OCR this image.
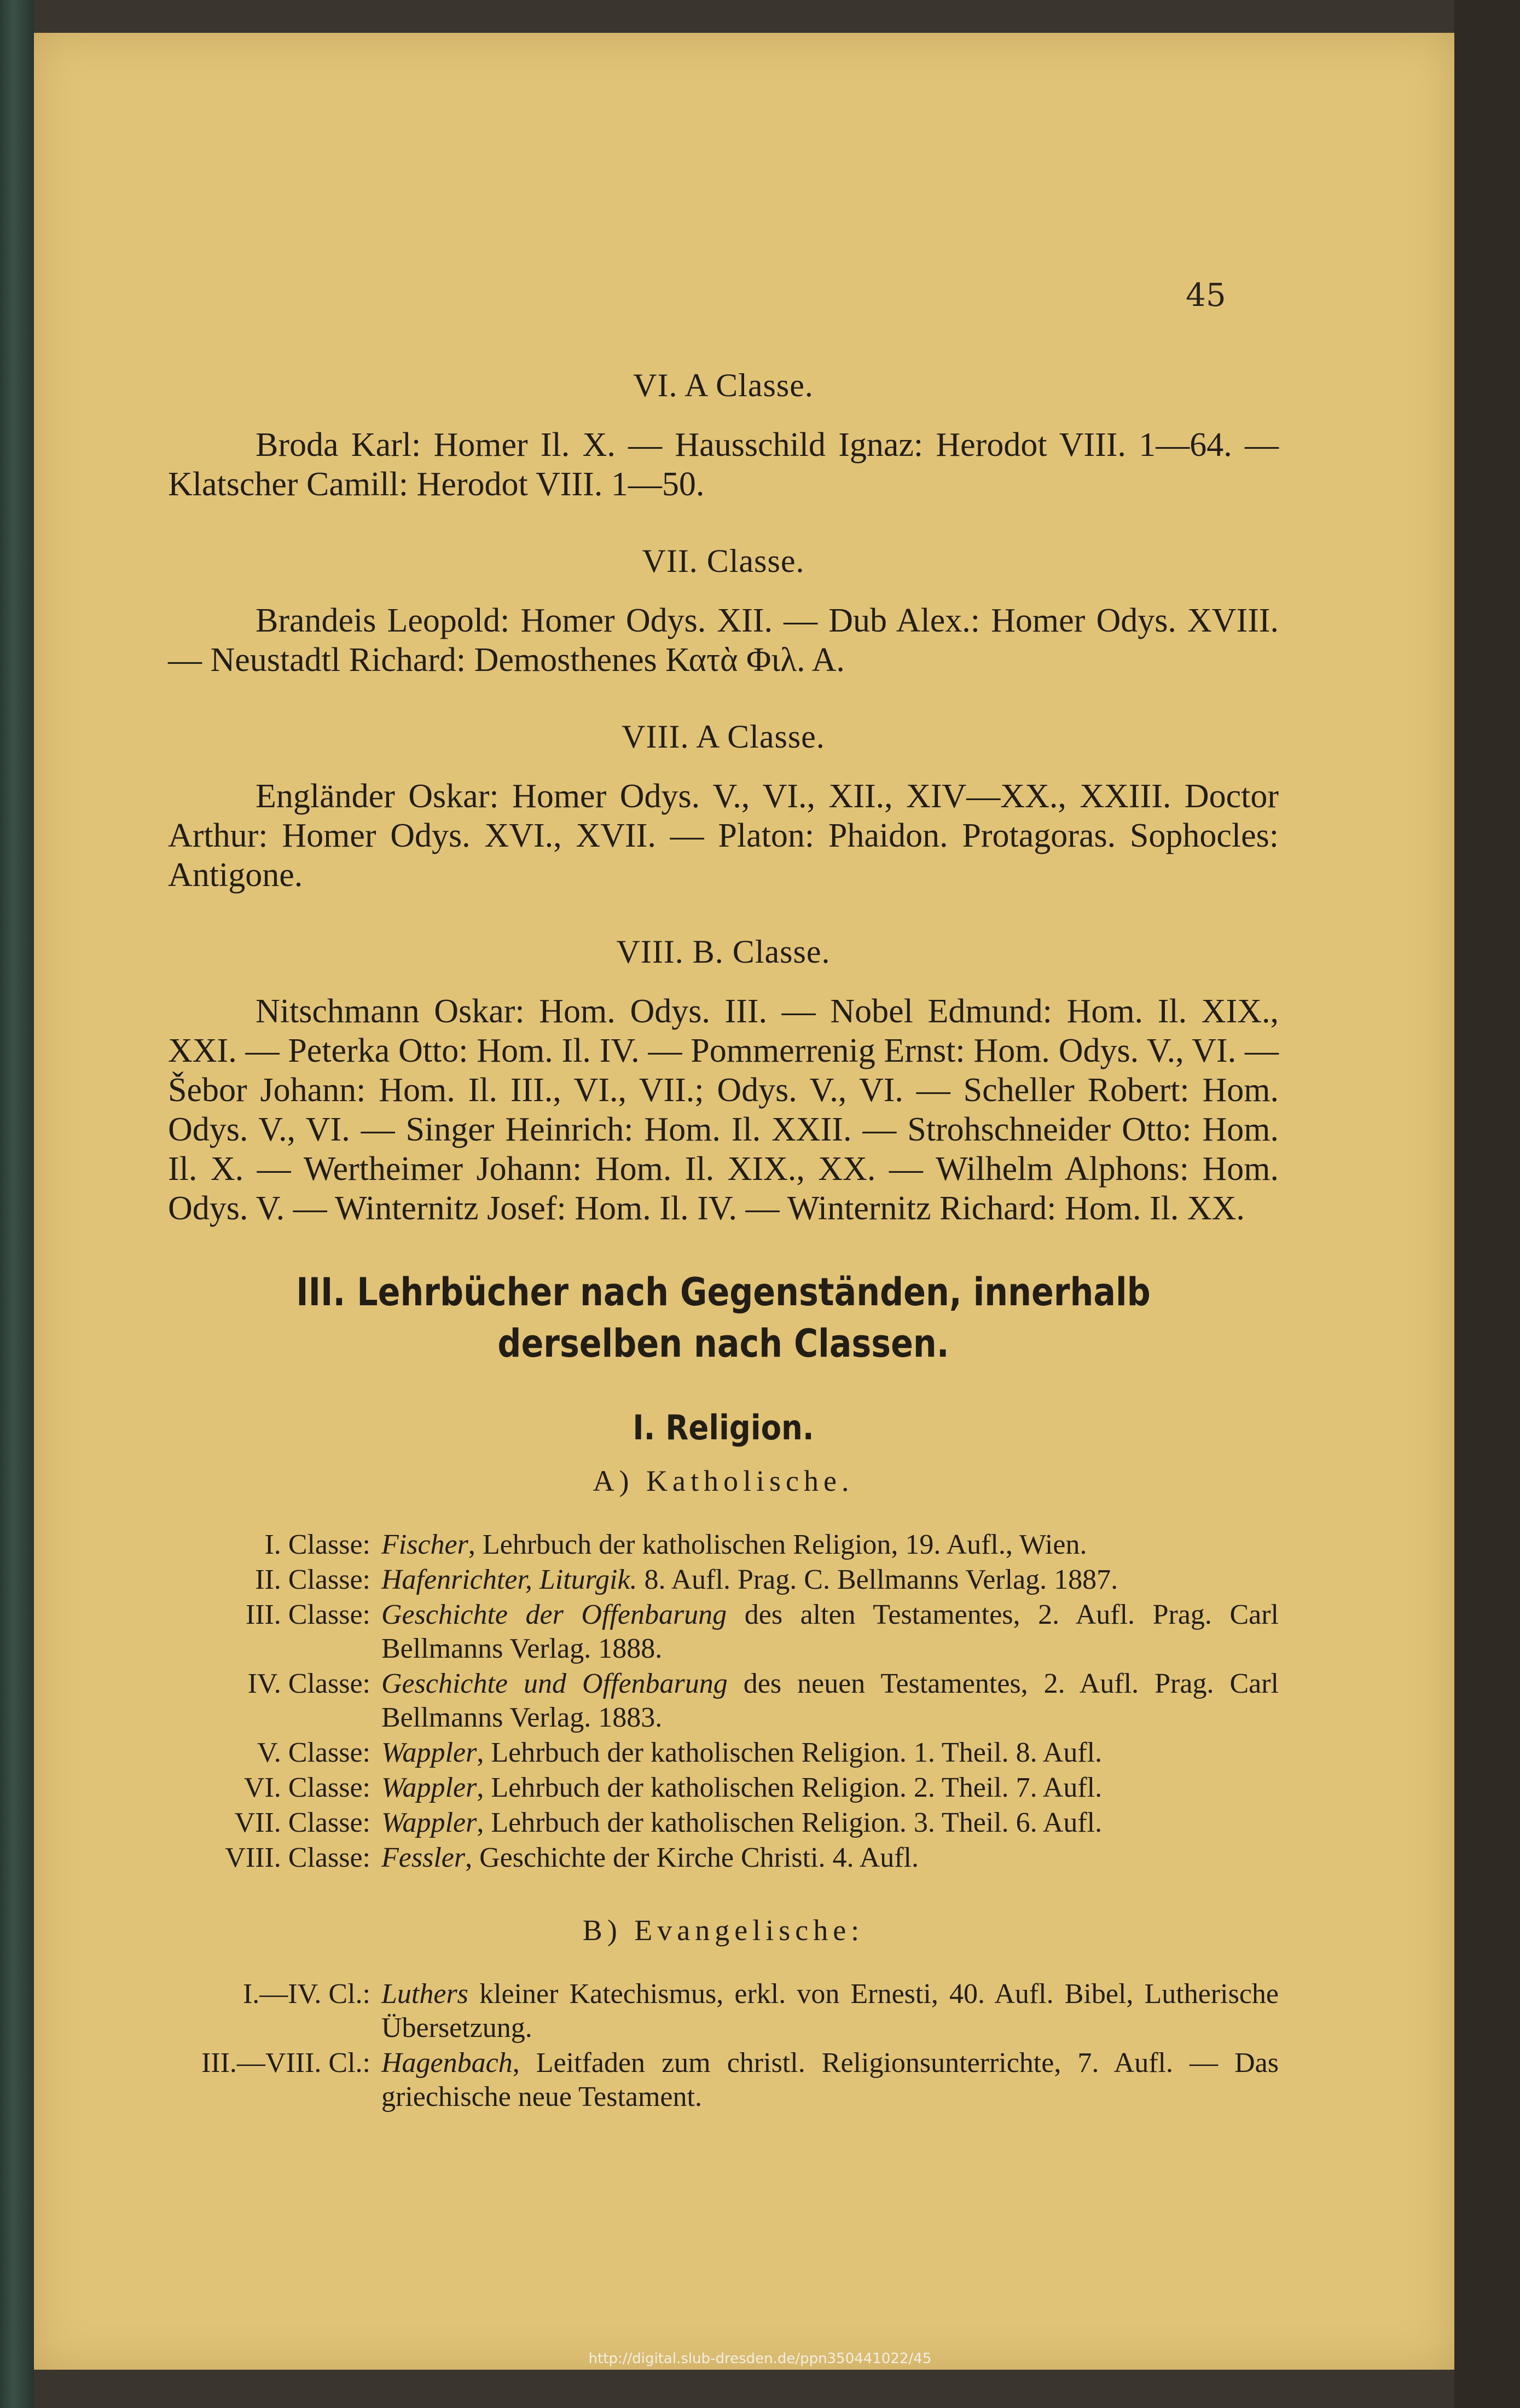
45
VI. A Classe.

Broda Karl: Homer Il. X. — Hausschild Ignaz: Herodot VIII. 1—64. — Klatscher Camill: Herodot VIII. 1—50.

VII. Classe.

Brandeis Leopold: Homer Odys. XII. — Dub Alex.: Homer Odys. XVIII. — Neustadtl Richard: Demosthenes Κατὰ Φιλ. Α.

VIII. A Classe.

Engländer Oskar: Homer Odys. V., VI., XII., XIV—XX., XXIII. Doctor Arthur: Homer Odys. XVI., XVII. — Platon: Phaidon. Protagoras. Sophocles: Antigone.

VIII. B. Classe.

Nitschmann Oskar: Hom. Odys. III. — Nobel Edmund: Hom. Il. XIX., XXI. — Peterka Otto: Hom. Il. IV. — Pommerrenig Ernst: Hom. Odys. V., VI. — Šebor Johann: Hom. Il. III., VI., VII.; Odys. V., VI. — Scheller Robert: Hom. Odys. V., VI. — Singer Heinrich: Hom. Il. XXII. — Strohschneider Otto: Hom. Il. X. — Wertheimer Johann: Hom. Il. XIX., XX. — Wilhelm Alphons: Hom. Odys. V. — Winternitz Josef: Hom. Il. IV. — Winternitz Richard: Hom. Il. XX.

III. Lehrbücher nach Gegenständen, innerhalb derselben nach Classen.
I. Religion.
A) Katholische.
I. Classe: Fischer, Lehrbuch der katholischen Religion, 19. Aufl., Wien.
II. Classe: Hafenrichter, Liturgik. 8. Aufl. Prag. C. Bellmanns Verlag. 1887.
III. Classe: Geschichte der Offenbarung des alten Testamentes, 2. Aufl. Prag. Carl Bellmanns Verlag. 1888.
IV. Classe: Geschichte und Offenbarung des neuen Testamentes, 2. Aufl. Prag. Carl Bellmanns Verlag. 1883.
V. Classe: Wappler, Lehrbuch der katholischen Religion. 1. Theil. 8. Aufl.
VI. Classe: Wappler, Lehrbuch der katholischen Religion. 2. Theil. 7. Aufl.
VII. Classe: Wappler, Lehrbuch der katholischen Religion. 3. Theil. 6. Aufl.
VIII. Classe: Fessler, Geschichte der Kirche Christi. 4. Aufl.
B) Evangelische:
I.—IV. Cl.: Luthers kleiner Katechismus, erkl. von Ernesti, 40. Aufl. Bibel, Lutherische Übersetzung.
III.—VIII. Cl.: Hagenbach, Leitfaden zum christl. Religionsunterrichte, 7. Aufl. — Das griechische neue Testament.
http://digital.slub-dresden.de/ppn350441022/45
